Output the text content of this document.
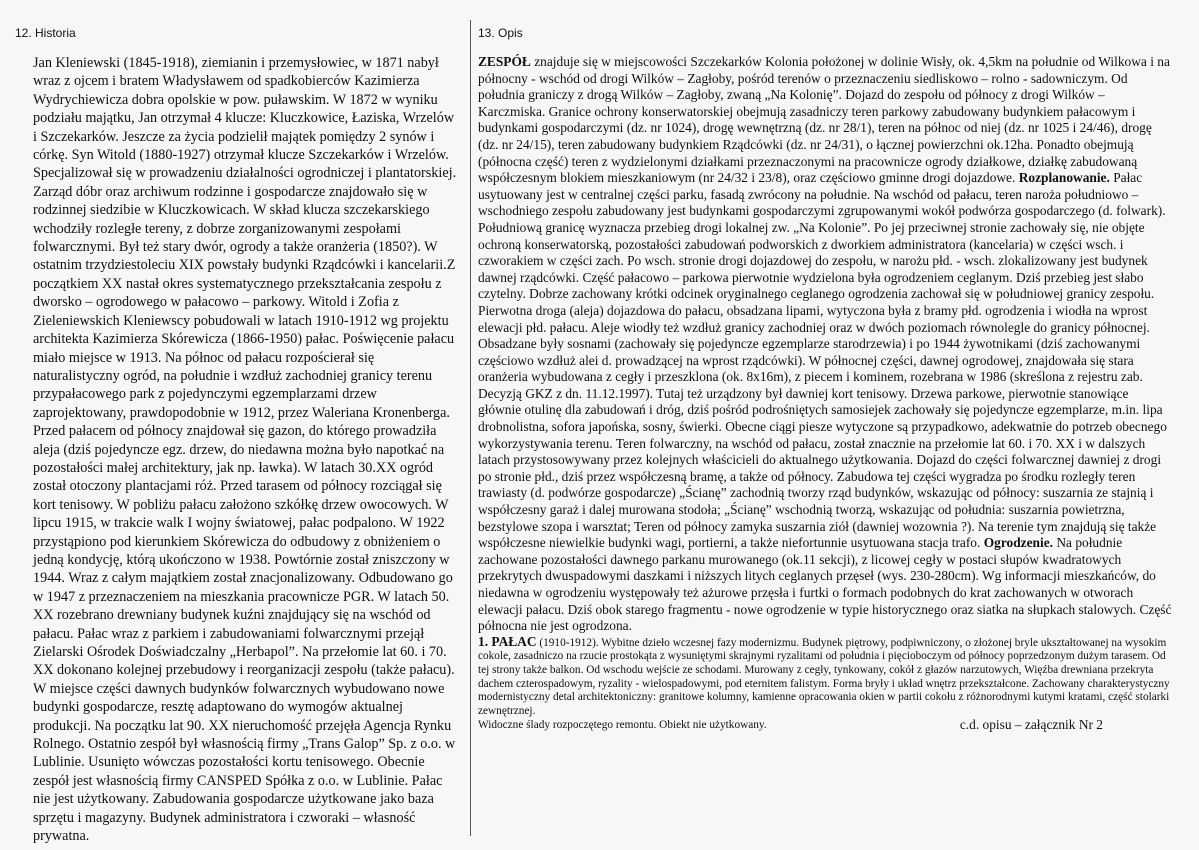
12. Historia

Jan Kleniewski (1845-1918), ziemianin i przemysłowiec, w 1871 nabył wraz z ojcem i bratem Władysławem od spadkobierców Kazimierza Wydrychiewicza dobra opolskie w pow. puławskim. W 1872 w wyniku podziału majątku, Jan otrzymał 4 klucze: Kluczkowice, Łaziska, Wrzelów i Szczekarków. Jeszcze za życia podzielił majątek pomiędzy 2 synów i córkę. Syn Witold (1880-1927) otrzymał klucze Szczekarków i Wrzelów. Specjalizował się w prowadzeniu działalności ogrodniczej i plantatorskiej. Zarząd dóbr oraz archiwum rodzinne i gospodarcze znajdowało się w rodzinnej siedzibie w Kluczkowicach. W skład klucza szczekarskiego wchodziły rozległe tereny, z dobrze zorganizowanymi zespołami folwarcznymi. Był też stary dwór, ogrody a także oranżeria (1850?). W ostatnim trzydziestoleciu XIX powstały budynki Rządcówki i kancelarii.Z początkiem XX nastał okres systematycznego przekształcania zespołu z dworsko – ogrodowego w pałacowo – parkowy. Witold i Zofia z Zieleniewskich Kleniewscy pobudowali w latach 1910-1912 wg projektu architekta Kazimierza Skórewicza (1866-1950) pałac. Poświęcenie pałacu miało miejsce w 1913. Na północ od pałacu rozpościerał się naturalistyczny ogród, na południe i wzdłuż zachodniej granicy terenu przypałacowego park z pojedynczymi egzemplarzami drzew zaprojektowany, prawdopodobnie w 1912, przez Waleriana Kronenberga. Przed pałacem od północy znajdował się gazon, do którego prowadziła aleja (dziś pojedyncze egz. drzew, do niedawna można było napotkać na pozostałości małej architektury, jak np. ławka). W latach 30.XX ogród został otoczony plantacjami róż. Przed tarasem od północy rozciągał się kort tenisowy. W pobliżu pałacu założono szkółkę drzew owocowych. W lipcu 1915, w trakcie walk I wojny światowej, pałac podpalono. W 1922 przystąpiono pod kierunkiem Skórewicza do odbudowy z obniżeniem o jedną kondycję, którą ukończono w 1938. Powtórnie został zniszczony w 1944. Wraz z całym majątkiem został znacjonalizowany. Odbudowano go w 1947 z przeznaczeniem na mieszkania pracownicze PGR. W latach 50. XX rozebrano drewniany budynek kuźni znajdujący się na wschód od pałacu. Pałac wraz z parkiem i zabudowaniami folwarcznymi przejął Zielarski Ośrodek Doświadczalny „Herbapol”. Na przełomie lat 60. i 70. XX dokonano kolejnej przebudowy i reorganizacji zespołu (także pałacu). W miejsce części dawnych budynków folwarcznych wybudowano nowe budynki gospodarcze, resztę adaptowano do wymogów aktualnej produkcji. Na początku lat 90. XX nieruchomość przejęła Agencja Rynku Rolnego. Ostatnio zespół był własnością firmy „Trans Galop” Sp. z o.o. w Lublinie. Usunięto wówczas pozostałości kortu tenisowego. Obecnie zespół jest własnością firmy CANSPED Spółka z o.o. w Lublinie. Pałac nie jest użytkowany. Zabudowania gospodarcze użytkowane jako baza sprzętu i magazyny. Budynek administratora i czworaki – własność prywatna.

13. Opis

ZESPÓŁ znajduje się w miejscowości Szczekarków Kolonia położonej w dolinie Wisły, ok. 4,5km na południe od Wilkowa i na północny - wschód od drogi Wilków – Zagłoby, pośród terenów o przeznaczeniu siedliskowo – rolno - sadowniczym. Od południa graniczy z drogą Wilków – Zagłoby, zwaną „Na Kolonię”. Dojazd do zespołu od północy z drogi Wilków – Karczmiska. Granice ochrony konserwatorskiej obejmują zasadniczy teren parkowy zabudowany budynkiem pałacowym i budynkami gospodarczymi (dz. nr 1024), drogę wewnętrzną (dz. nr 28/1), teren na północ od niej (dz. nr 1025 i 24/46), drogę (dz. nr 24/15), teren zabudowany budynkiem Rządcówki (dz. nr 24/31), o łącznej powierzchni ok.12ha. Ponadto obejmują (północna część) teren z wydzielonymi działkami przeznaczonymi na pracownicze ogrody działkowe, działkę zabudowaną współczesnym blokiem mieszkaniowym (nr 24/32 i 23/8), oraz częściowo gminne drogi dojazdowe. Rozplanowanie. Pałac usytuowany jest w centralnej części parku, fasadą zwrócony na południe. Na wschód od pałacu, teren naroża południowo – wschodniego zespołu zabudowany jest budynkami gospodarczymi zgrupowanymi wokół podwórza gospodarczego (d. folwark). Południową granicę wyznacza przebieg drogi lokalnej zw. „Na Kolonie”. Po jej przeciwnej stronie zachowały się, nie objęte ochroną konserwatorską, pozostałości zabudowań podworskich z dworkiem administratora (kancelaria) w części wsch. i czworakiem w części zach. Po wsch. stronie drogi dojazdowej do zespołu, w narożu płd. - wsch. zlokalizowany jest budynek dawnej rządcówki. Część pałacowo – parkowa pierwotnie wydzielona była ogrodzeniem ceglanym. Dziś przebieg jest słabo czytelny. Dobrze zachowany krótki odcinek oryginalnego ceglanego ogrodzenia zachował się w południowej granicy zespołu. Pierwotna droga (aleja) dojazdowa do pałacu, obsadzana lipami, wytyczona była z bramy płd. ogrodzenia i wiodła na wprost elewacji płd. pałacu. Aleje wiodły też wzdłuż granicy zachodniej oraz w dwóch poziomach równolegle do granicy północnej. Obsadzane były sosnami (zachowały się pojedyncze egzemplarze starodrzewia) i po 1944 żywotnikami (dziś zachowanymi częściowo wzdłuż alei d. prowadzącej na wprost rządcówki). W północnej części, dawnej ogrodowej, znajdowała się stara oranżeria wybudowana z cegły i przeszklona (ok. 8x16m), z piecem i kominem, rozebrana w 1986 (skreślona z rejestru zab. Decyzją GKZ z dn. 11.12.1997). Tutaj też urządzony był dawniej kort tenisowy. Drzewa parkowe, pierwotnie stanowiące głównie otulinę dla zabudowań i dróg, dziś pośród podrośniętych samosiejek zachowały się pojedyncze egzemplarze, m.in. lipa drobnolistna, sofora japońska, sosny, świerki. Obecne ciągi piesze wytyczone są przypadkowo, adekwatnie do potrzeb obecnego wykorzystywania terenu. Teren folwarczny, na wschód od pałacu, został znacznie na przełomie lat 60. i 70. XX i w dalszych latach przystosowywany przez kolejnych właścicieli do aktualnego użytkowania. Dojazd do części folwarcznej dawniej z drogi po stronie płd., dziś przez współczesną bramę, a także od północy. Zabudowa tej części wygradza po środku rozległy teren trawiasty (d. podwórze gospodarcze) „Ścianę” zachodnią tworzy rząd budynków, wskazując od północy: suszarnia ze stajnią i współczesny garaż i dalej murowana stodoła; „Ścianę” wschodnią tworzą, wskazując od południa: suszarnia powietrzna, bezstylowe szopa i warsztat; Teren od północy zamyka suszarnia ziół (dawniej wozownia ?). Na terenie tym znajdują się także współczesne niewielkie budynki wagi, portierni, a także niefortunnie usytuowana stacja trafo. Ogrodzenie. Na południe zachowane pozostałości dawnego parkanu murowanego (ok.11 sekcji), z licowej cegły w postaci słupów kwadratowych przekrytych dwuspadowymi daszkami i niższych litych ceglanych przęseł (wys. 230-280cm). Wg informacji mieszkańców, do niedawna w ogrodzeniu występowały też ażurowe przęsła i furtki o formach podobnych do krat zachowanych w otworach elewacji pałacu. Dziś obok starego fragmentu - nowe ogrodzenie w typie historycznego oraz siatka na słupkach stalowych. Część północna nie jest ogrodzona.

1. PAŁAC (1910-1912). Wybitne dzieło wczesnej fazy modernizmu. Budynek piętrowy, podpiwniczony, o złożonej bryle ukształtowanej na wysokim cokole, zasadniczo na rzucie prostokąta z wysuniętymi skrajnymi ryzalitami od południa i pięcioboczym od północy poprzedzonym dużym tarasem. Od tej strony także balkon. Od wschodu wejście ze schodami. Murowany z cegły, tynkowany, cokół z głazów narzutowych, Więźba drewniana przekryta dachem czterospadowym, ryzality - wielospadowymi, pod eternitem falistym. Forma bryły i układ wnętrz przekształcone. Zachowany charakterystyczny modernistyczny detal architektoniczny: granitowe kolumny, kamienne opracowania okien w partii cokołu z różnorodnymi kutymi kratami, część stolarki zewnętrznej.

Widoczne ślady rozpoczętego remontu. Obiekt nie użytkowany.	c.d. opisu – załącznik Nr 2
